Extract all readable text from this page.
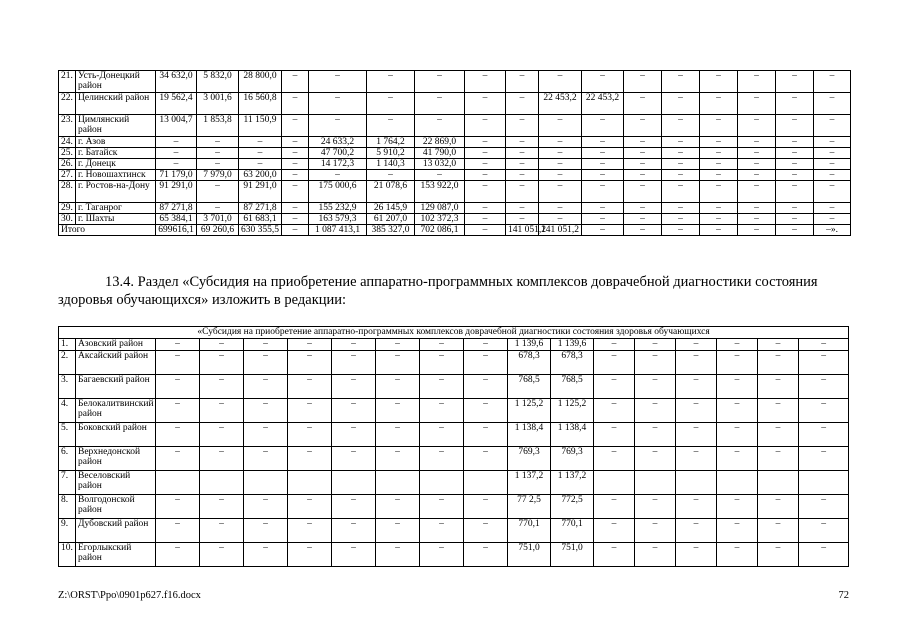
21.	Усть-Донецкий район	34 632,0	5 832,0	28 800,0	–	–	–	–	–	–	–	–	–	–	–	–	–	–
22.	Целинский район	19 562,4	3 001,6	16 560,8	–	–	–	–	–	–	22 453,2	22 453,2	–	–	–	–	–	–
23.	Цимлянский район	13 004,7	1 853,8	11 150,9	–	–	–	–	–	–	–	–	–	–	–	–	–	–
24.	г. Азов	–	–	–	–	24 633,2	1 764,2	22 869,0	–	–	–	–	–	–	–	–	–	–
25.	г. Батайск	–	–	–	–	47 700,2	5 910,2	41 790,0	–	–	–	–	–	–	–	–	–	–
26.	г. Донецк	–	–	–	–	14 172,3	1 140,3	13 032,0	–	–	–	–	–	–	–	–	–	–
27.	г. Новошахтинск	71 179,0	7 979,0	63 200,0	–	–	–	–	–	–	–	–	–	–	–	–	–	–
28.	г. Ростов-на-Дону	91 291,0	–	91 291,0	–	175 000,6	21 078,6	153 922,0	–	–	–	–	–	–	–	–	–	–
29.	г. Таганрог	87 271,8	–	87 271,8	–	155 232,9	26 145,9	129 087,0	–	–	–	–	–	–	–	–	–	–
30.	г. Шахты	65 384,1	3 701,0	61 683,1	–	163 579,3	61 207,0	102 372,3	–	–	–	–	–	–	–	–	–	–
Итого		699616,1	69 260,6	630 355,5	–	1 087 413,1	385 327,0	702 086,1	–	141 051,2	141 051,2	–	–	–	–	–	–	–».
13.4. Раздел «Субсидия на приобретение аппаратно-программных комплексов доврачебной диагностики состояния здоровья обучающихся» изложить в редакции:
«Субсидия на приобретение аппаратно-программных комплексов доврачебной диагностики состояния здоровья обучающихся																	
1.	Азовский район	–	–	–	–	–	–	–	–	1 139,6	1 139,6	–	–	–	–	–	–
2.	Аксайский район	–	–	–	–	–	–	–	–	678,3	678,3	–	–	–	–	–	–
3.	Багаевский район	–	–	–	–	–	–	–	–	768,5	768,5	–	–	–	–	–	–
4.	Белокалитвинский район	–	–	–	–	–	–	–	–	1 125,2	1 125,2	–	–	–	–	–	–
5.	Боковский район	–	–	–	–	–	–	–	–	1 138,4	1 138,4	–	–	–	–	–	–
6.	Верхнедонской район	–	–	–	–	–	–	–	–	769,3	769,3	–	–	–	–	–	–
7.	Веселовский район									1 137,2	1 137,2						
8.	Волгодонской район	–	–	–	–	–	–	–	–	77 2,5	772,5	–	–	–	–	–	–
9.	Дубовский район	–	–	–	–	–	–	–	–	770,1	770,1	–	–	–	–	–	–
10.	Егорлыкский район	–	–	–	–	–	–	–	–	751,0	751,0	–	–	–	–	–	–
Z:\ORST\Ppo\0901p627.f16.docx	72
